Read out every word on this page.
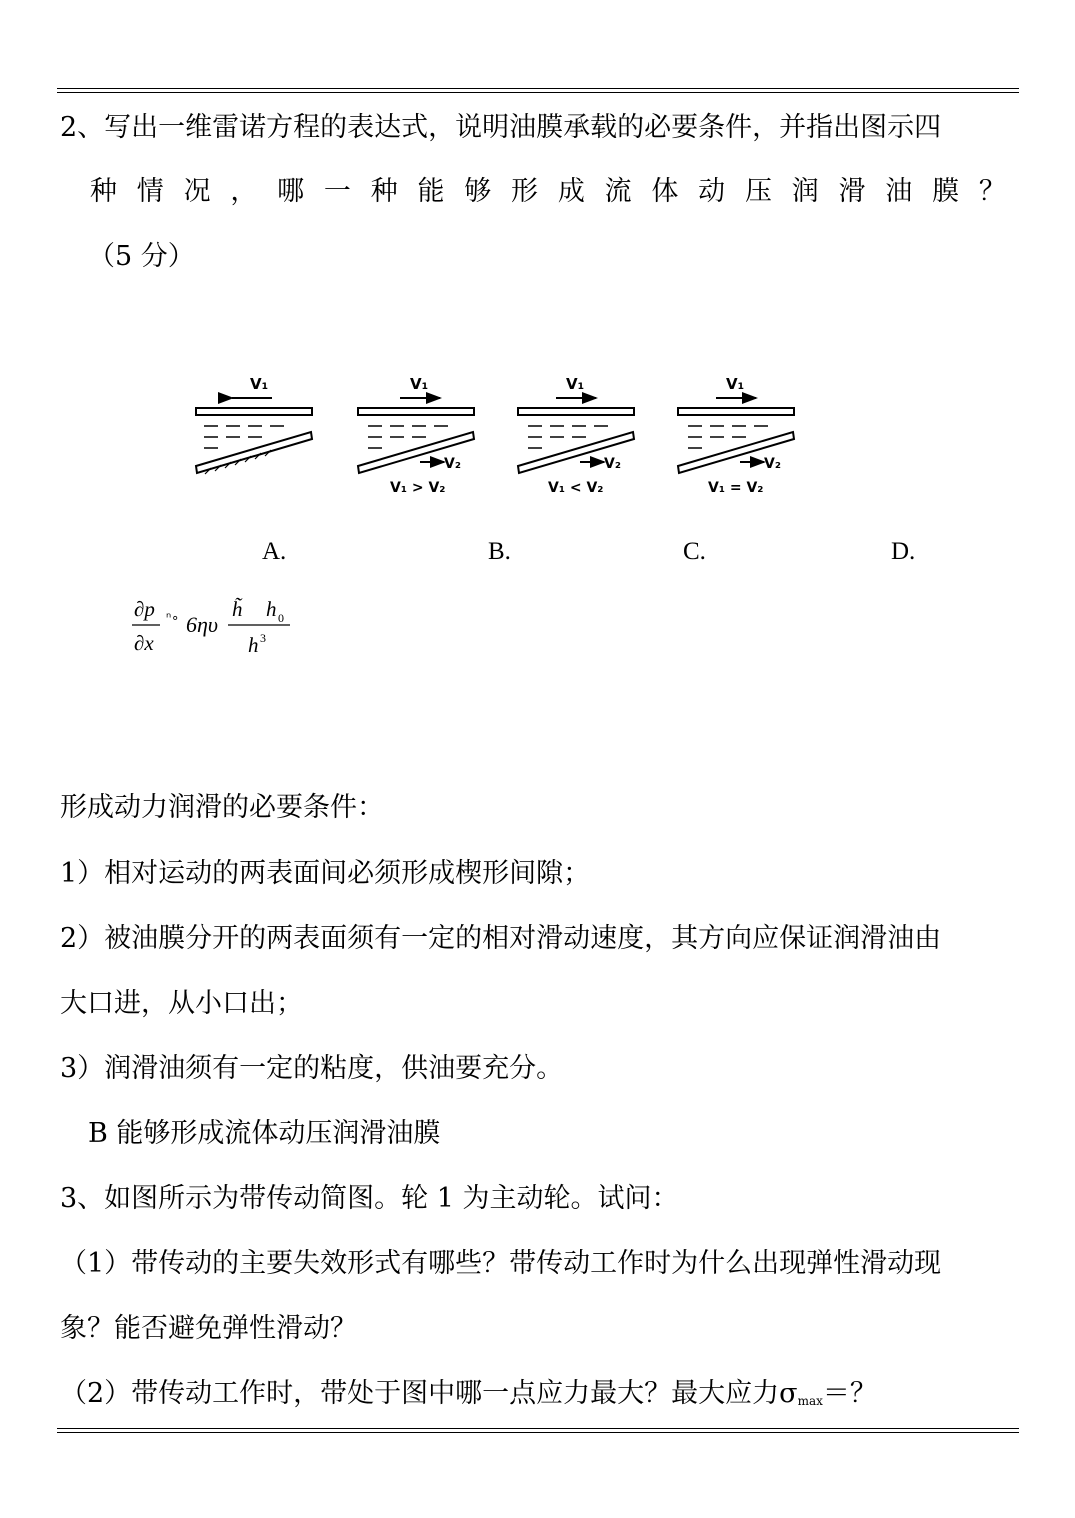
2、写出一维雷诺方程的表达式，说明油膜承载的必要条件，并指出图示四
种 情 况 ， 哪 一 种 能 够 形 成 流 体 动 压 润 滑 油 膜 ？
（5 分）
V₁	V₁
V₂
V₁ > V₂
V₁
V₂
V₁ < V₂
V₁
V₂
V₁ = V₂
A.	B.	C.	D.
∂p
∂x
ⁿ∘ 6ηυ
h̃ h 0
h 3
形成动力润滑的必要条件：
1）相对运动的两表面间必须形成楔形间隙；
2）被油膜分开的两表面须有一定的相对滑动速度，其方向应保证润滑油由
大口进，从小口出；
3）润滑油须有一定的粘度，供油要充分。
B 能够形成流体动压润滑油膜
3、如图所示为带传动简图。轮 1 为主动轮。试问：
（1）带传动的主要失效形式有哪些？带传动工作时为什么出现弹性滑动现
象？能否避免弹性滑动？
（2）带传动工作时，带处于图中哪一点应力最大？最大应力$\sigma_{max}=$？
